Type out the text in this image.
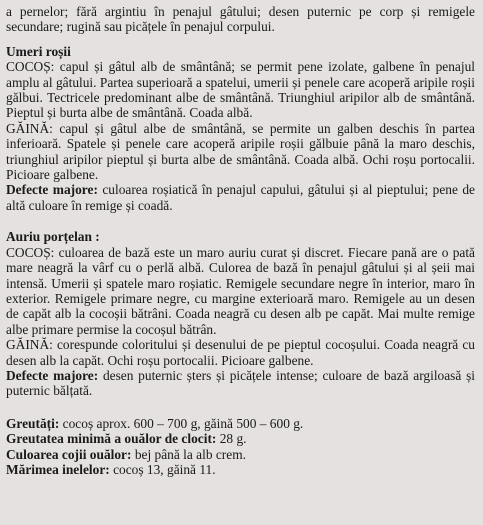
a pernelor; fără argintiu în penajul gâtului; desen puternic pe corp și remigele secundare; rugină sau picățele în penajul corpului.

Umeri roșii

COCOȘ: capul și gâtul alb de smântână; se permit pene izolate, galbene în penajul amplu al gâtului. Partea superioară a spatelui, umerii și penele care acoperă aripile roșii gălbui. Tectricele predominant albe de smântână. Triunghiul aripilor alb de smântână. Pieptul și burta albe de smântână. Coada albă.

GĂINĂ: capul și gâtul albe de smântână, se permite un galben deschis în partea inferioară. Spatele și penele care acoperă aripile roșii gălbuie până la maro deschis, triunghiul aripilor pieptul și burta albe de smântână. Coada albă. Ochi roșu portocalii. Picioare galbene.

Defecte majore: culoarea roșiatică în penajul capului, gâtului și al pieptului; pene de altă culoare în remige și coadă.

Auriu porțelan :

COCOȘ: culoarea de bază este un maro auriu curat și discret. Fiecare pană are o pată mare neagră la vârf cu o perlă albă. Culorea de bază în penajul gâtului și al șeii mai intensă. Umerii și spatele maro roșiatic. Remigele secundare negre în interior, maro în exterior. Remigele primare negre, cu margine exterioară maro. Remigele au un desen de capăt alb la cocoșii bătrâni. Coada neagră cu desen alb pe capăt. Mai multe remige albe primare permise la cocoșul bătrân.

GĂINĂ: corespunde coloritului și desenului de pe pieptul cocoșului. Coada neagră cu desen alb la capăt. Ochi roșu portocalii. Picioare galbene.

Defecte majore: desen puternic șters și picățele intense; culoare de bază argiloasă și puternic bălțată.

Greutăți: cocoș aprox. 600 – 700 g, găină 500 – 600 g.

Greutatea minimă a ouălor de clocit: 28 g.

Culoarea cojii ouălor: bej până la alb crem.

Mărimea inelelor: cocoș 13, găină 11.
